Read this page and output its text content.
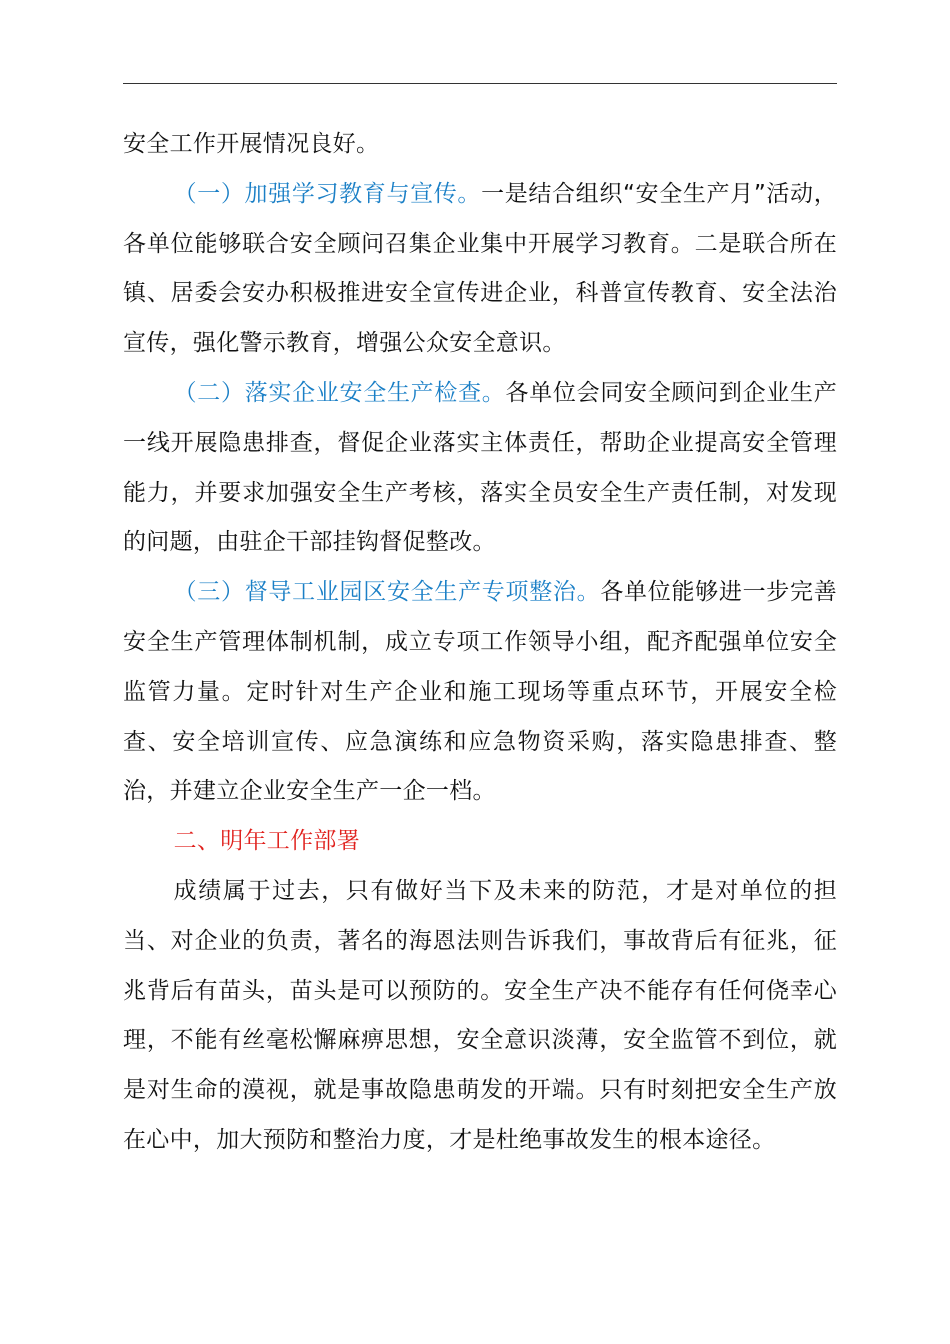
安全工作开展情况良好。

（一）加强学习教育与宣传。一是结合组织“安全生产月”活动，各单位能够联合安全顾问召集企业集中开展学习教育。二是联合所在镇、居委会安办积极推进安全宣传进企业，科普宣传教育、安全法治宣传，强化警示教育，增强公众安全意识。

（二）落实企业安全生产检查。各单位会同安全顾问到企业生产一线开展隐患排查，督促企业落实主体责任，帮助企业提高安全管理能力，并要求加强安全生产考核，落实全员安全生产责任制，对发现的问题，由驻企干部挂钩督促整改。

（三）督导工业园区安全生产专项整治。各单位能够进一步完善安全生产管理体制机制，成立专项工作领导小组，配齐配强单位安全监管力量。定时针对生产企业和施工现场等重点环节，开展安全检查、安全培训宣传、应急演练和应急物资采购，落实隐患排查、整治，并建立企业安全生产一企一档。

二、明年工作部署

成绩属于过去，只有做好当下及未来的防范，才是对单位的担当、对企业的负责，著名的海恩法则告诉我们，事故背后有征兆，征兆背后有苗头，苗头是可以预防的。安全生产决不能存有任何侥幸心理，不能有丝毫松懈麻痹思想，安全意识淡薄，安全监管不到位，就是对生命的漠视，就是事故隐患萌发的开端。只有时刻把安全生产放在心中，加大预防和整治力度，才是杜绝事故发生的根本途径。
